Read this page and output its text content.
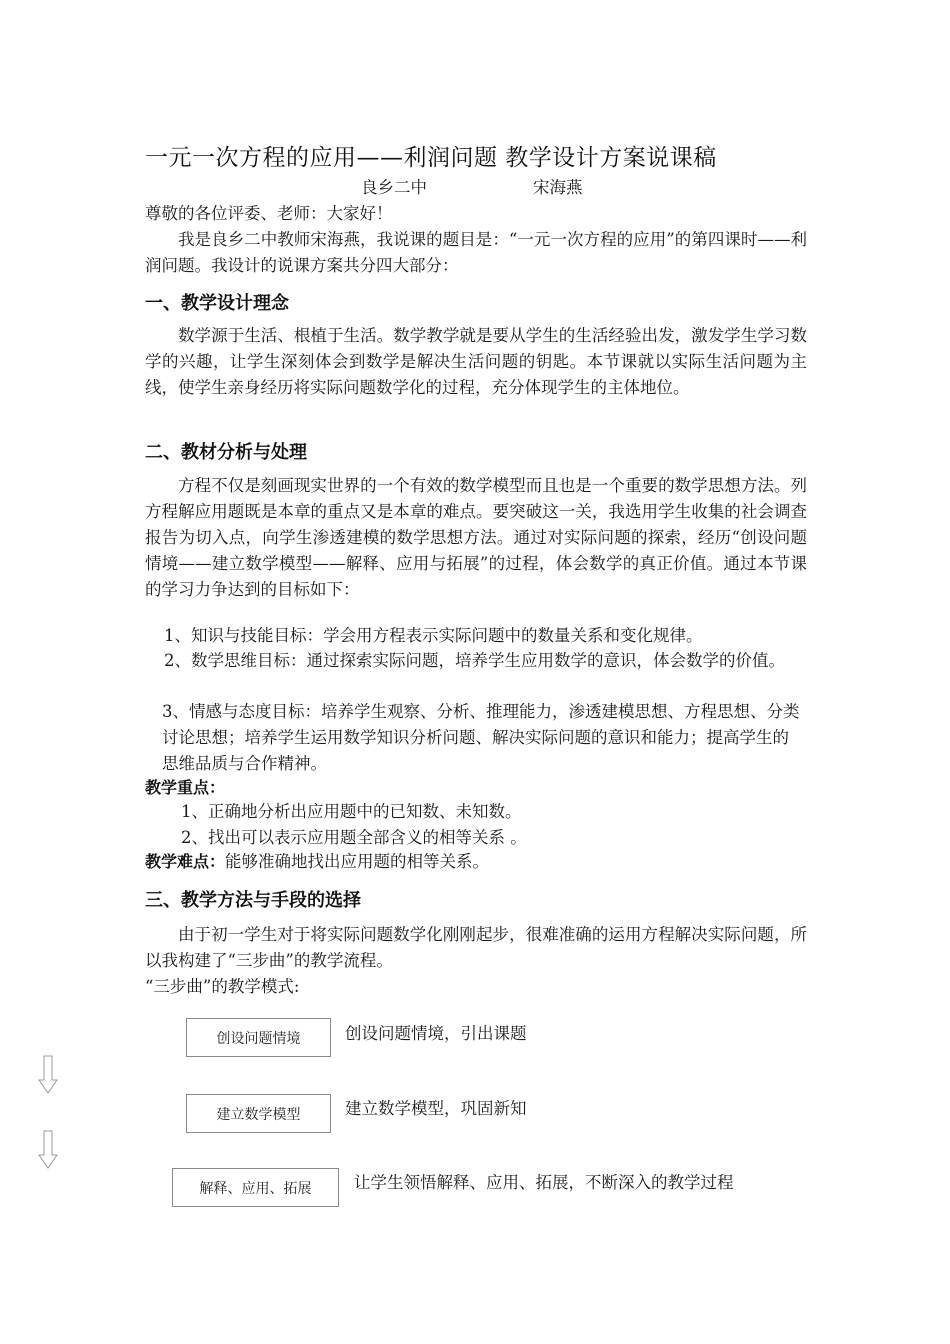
一元一次方程的应用——利润问题 教学设计方案说课稿
良乡二中	宋海燕
尊敬的各位评委、老师：大家好！
我是良乡二中教师宋海燕，我说课的题目是：“一元一次方程的应用”的第四课时——利润问题。我设计的说课方案共分四大部分：
一、教学设计理念
数学源于生活、根植于生活。数学教学就是要从学生的生活经验出发，激发学生学习数学的兴趣，让学生深刻体会到数学是解决生活问题的钥匙。本节课就以实际生活问题为主线，使学生亲身经历将实际问题数学化的过程，充分体现学生的主体地位。
二、教材分析与处理
方程不仅是刻画现实世界的一个有效的数学模型而且也是一个重要的数学思想方法。列方程解应用题既是本章的重点又是本章的难点。要突破这一关，我选用学生收集的社会调查报告为切入点，向学生渗透建模的数学思想方法。通过对实际问题的探索，经历“创设问题情境——建立数学模型——解释、应用与拓展”的过程，体会数学的真正价值。通过本节课的学习力争达到的目标如下：
1、知识与技能目标：学会用方程表示实际问题中的数量关系和变化规律。
2、数学思维目标：通过探索实际问题，培养学生应用数学的意识，体会数学的价值。
3、情感与态度目标：培养学生观察、分析、推理能力，渗透建模思想、方程思想、分类讨论思想；培养学生运用数学知识分析问题、解决实际问题的意识和能力；提高学生的思维品质与合作精神。
教学重点：
1、正确地分析出应用题中的已知数、未知数。
2、找出可以表示应用题全部含义的相等关系 。
教学难点：能够准确地找出应用题的相等关系。
三、教学方法与手段的选择
由于初一学生对于将实际问题数学化刚刚起步，很难准确的运用方程解决实际问题，所以我构建了“三步曲”的教学流程。
“三步曲”的教学模式:
创设问题情境	创设问题情境，引出课题
建立数学模型	建立数学模型，巩固新知
解释、应用、拓展	让学生领悟解释、应用、拓展，不断深入的教学过程
